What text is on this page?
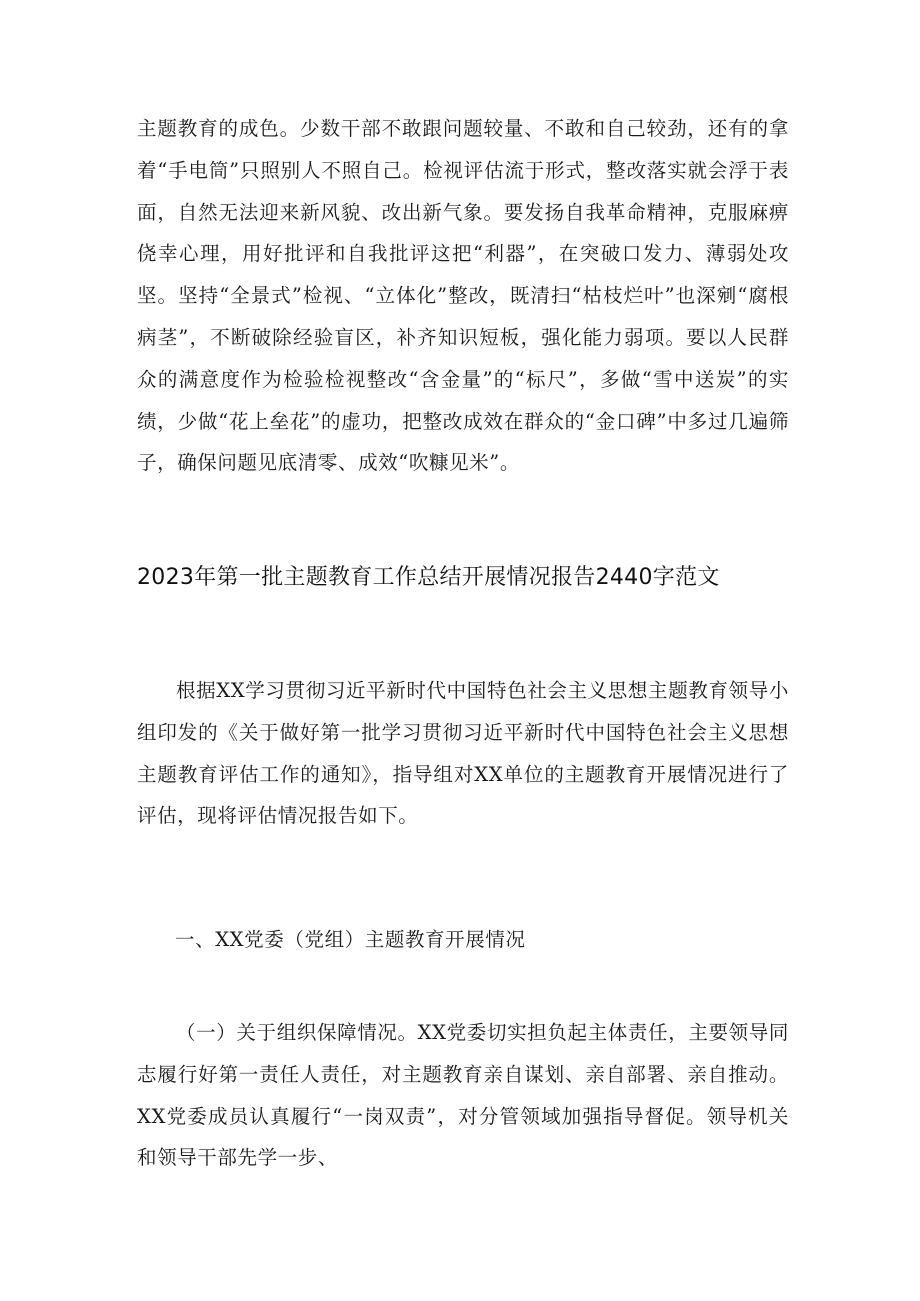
主题教育的成色。少数干部不敢跟问题较量、不敢和自己较劲，还有的拿着“手电筒”只照别人不照自己。检视评估流于形式，整改落实就会浮于表面，自然无法迎来新风貌、改出新气象。要发扬自我革命精神，克服麻痹侥幸心理，用好批评和自我批评这把“利器”，在突破口发力、薄弱处攻坚。坚持“全景式”检视、“立体化”整改，既清扫“枯枝烂叶”也深剜“腐根病茎”，不断破除经验盲区，补齐知识短板，强化能力弱项。要以人民群众的满意度作为检验检视整改“含金量”的“标尺”，多做“雪中送炭”的实绩，少做“花上垒花”的虚功，把整改成效在群众的“金口碑”中多过几遍筛子，确保问题见底清零、成效“吹糠见米”。

2023年第一批主题教育工作总结开展情况报告2440字范文

根据XX学习贯彻习近平新时代中国特色社会主义思想主题教育领导小组印发的《关于做好第一批学习贯彻习近平新时代中国特色社会主义思想主题教育评估工作的通知》，指导组对XX单位的主题教育开展情况进行了评估，现将评估情况报告如下。

一、XX党委（党组）主题教育开展情况

（一）关于组织保障情况。XX党委切实担负起主体责任，主要领导同志履行好第一责任人责任，对主题教育亲自谋划、亲自部署、亲自推动。XX党委成员认真履行“一岗双责”，对分管领域加强指导督促。领导机关和领导干部先学一步、
